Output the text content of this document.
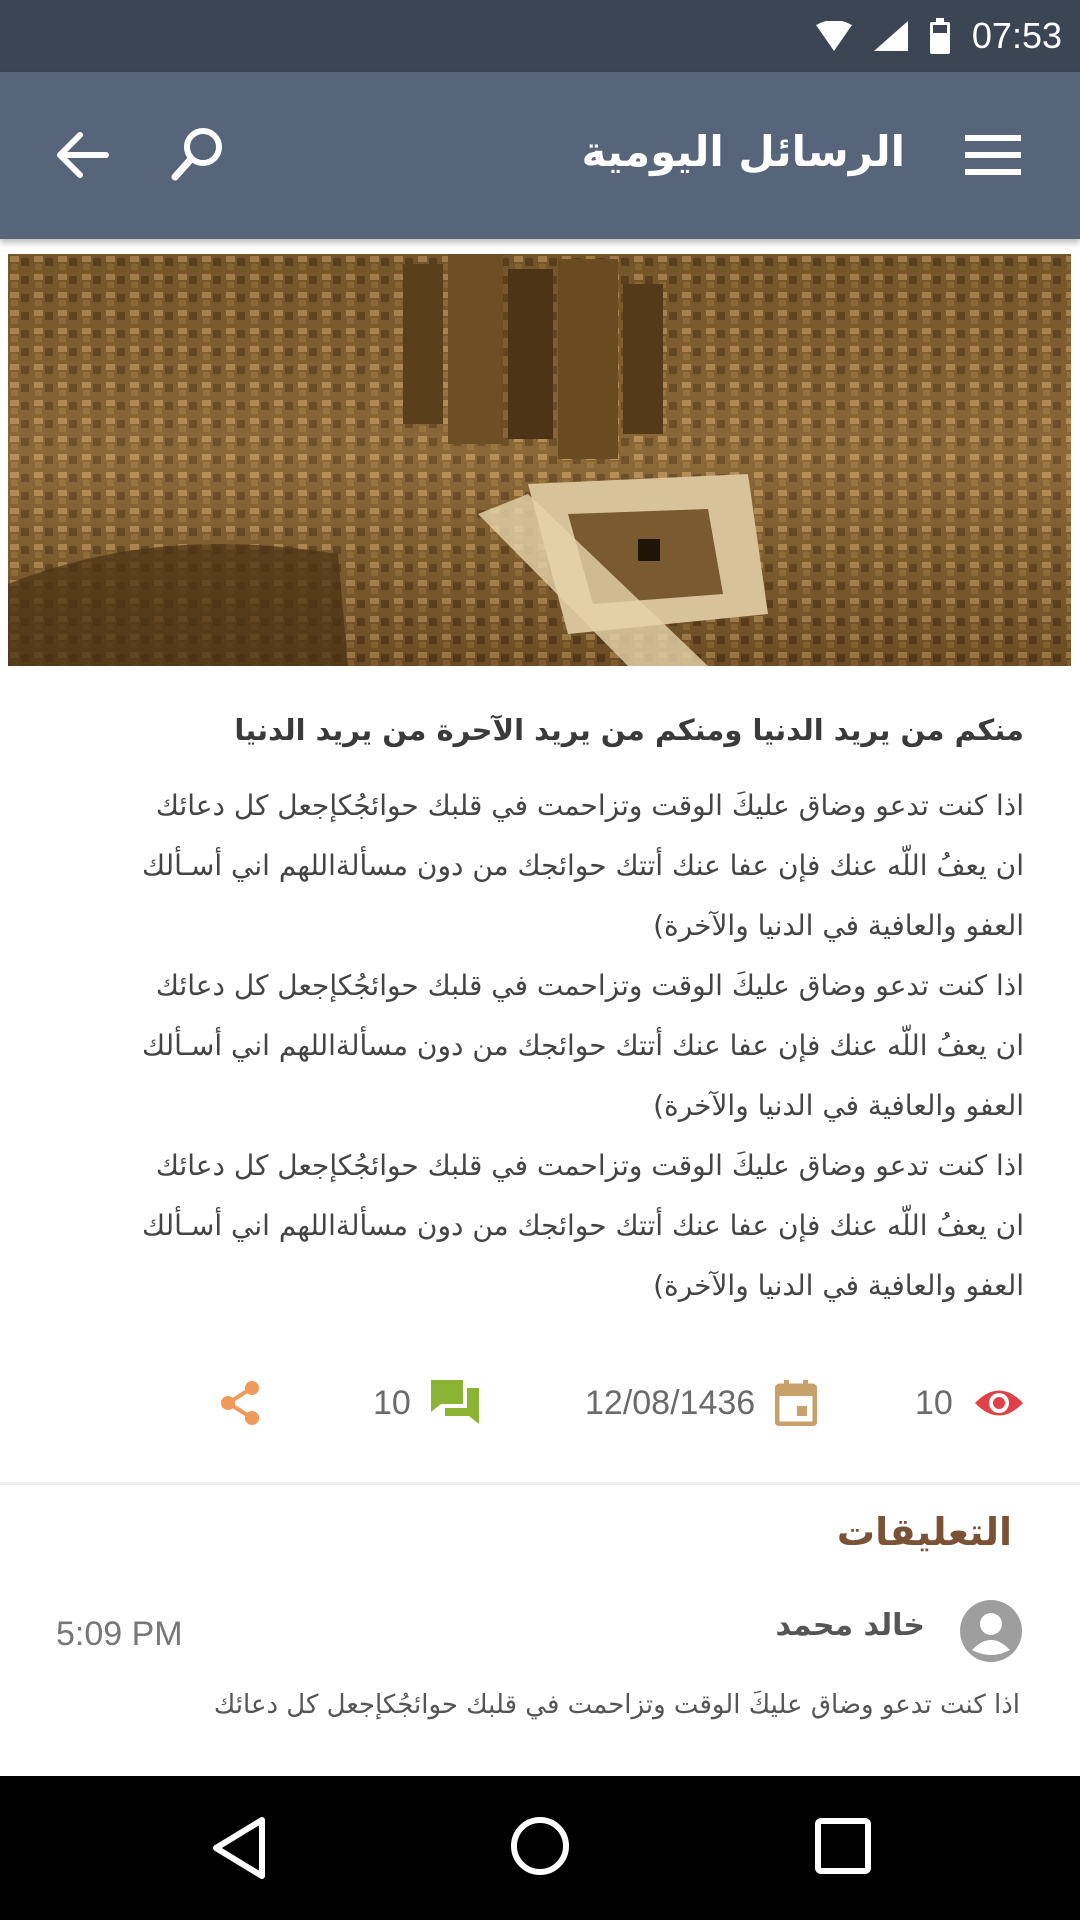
07:53
الرسائل اليومية
منكم من يريد الدنيا ومنكم من يريد الآحرة من يريد الدنيا

اذا كنت تدعو وضاق عليكَ الوقت وتزاحمت في قلبك حوائجُكإجعل كل دعائك
ان يعفُ اللّه عنك فإن عفا عنك أتتك حوائجك من دون مسألةاللهم اني أسـألك
العفو والعافية في الدنيا والآخرة)
اذا كنت تدعو وضاق عليكَ الوقت وتزاحمت في قلبك حوائجُكإجعل كل دعائك
ان يعفُ اللّه عنك فإن عفا عنك أتتك حوائجك من دون مسألةاللهم اني أسـألك
العفو والعافية في الدنيا والآخرة)
اذا كنت تدعو وضاق عليكَ الوقت وتزاحمت في قلبك حوائجُكإجعل كل دعائك
ان يعفُ اللّه عنك فإن عفا عنك أتتك حوائجك من دون مسألةاللهم اني أسـألك
العفو والعافية في الدنيا والآخرة)

10
12/08/1436
10
التعليقات
خالد محمد
5:09 PM
اذا كنت تدعو وضاق عليكَ الوقت وتزاحمت في قلبك حوائجُكإجعل كل دعائك
